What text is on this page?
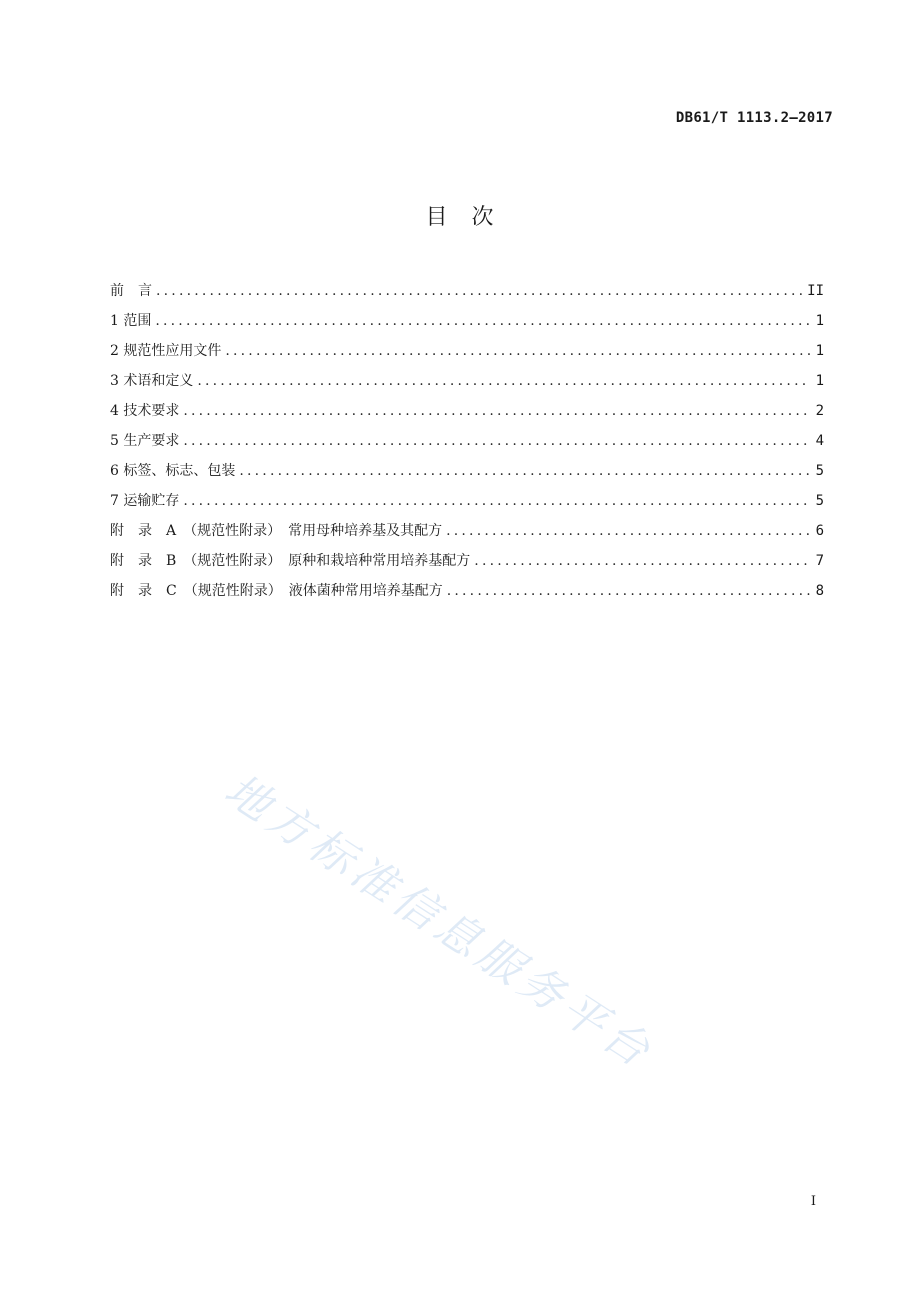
DB61/T 1113.2—2017
目　次
前　言 .....	II
1 范围 .....	1
2 规范性应用文件 .....	1
3 术语和定义 .....	1
4 技术要求 .....	2
5 生产要求 .....	4
6 标签、标志、包装 .....	5
7 运输贮存 .....	5
附　录　A　（规范性附录）　常用母种培养基及其配方 .....	6
附　录　B　（规范性附录）　原种和栽培种常用培养基配方 .....	7
附　录　C　（规范性附录）　液体菌种常用培养基配方 .....	8
地方标准信息服务平台
I
